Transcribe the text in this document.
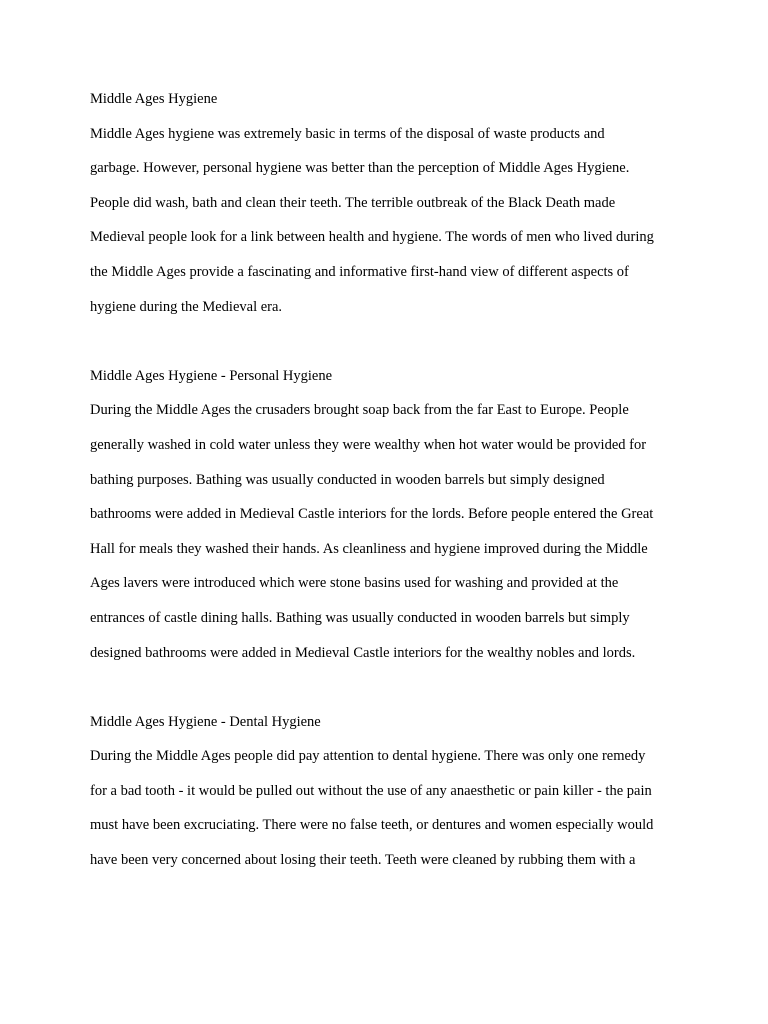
Middle Ages Hygiene
Middle Ages hygiene was extremely basic in terms of the disposal of waste products and
garbage. However, personal hygiene was better than the perception of Middle Ages Hygiene.
People did wash, bath and clean their teeth. The terrible outbreak of the Black Death made
Medieval people look for a link between health and hygiene. The words of men who lived during
the Middle Ages provide a fascinating and informative first-hand view of different aspects of
hygiene during the Medieval era.
Middle Ages Hygiene - Personal Hygiene
During the Middle Ages the crusaders brought soap back from the far East to Europe. People
generally washed in cold water unless they were wealthy when hot water would be provided for
bathing purposes. Bathing was usually conducted in wooden barrels but simply designed
bathrooms were added in Medieval Castle interiors for the lords. Before people entered the Great
Hall for meals they washed their hands. As cleanliness and hygiene improved during the Middle
Ages lavers were introduced which were stone basins used for washing and provided at the
entrances of castle dining halls. Bathing was usually conducted in wooden barrels but simply
designed bathrooms were added in Medieval Castle interiors for the wealthy nobles and lords.
Middle Ages Hygiene - Dental Hygiene
During the Middle Ages people did pay attention to dental hygiene. There was only one remedy
for a bad tooth - it would be pulled out without the use of any anaesthetic or pain killer - the pain
must have been excruciating. There were no false teeth, or dentures and women especially would
have been very concerned about losing their teeth. Teeth were cleaned by rubbing them with a
